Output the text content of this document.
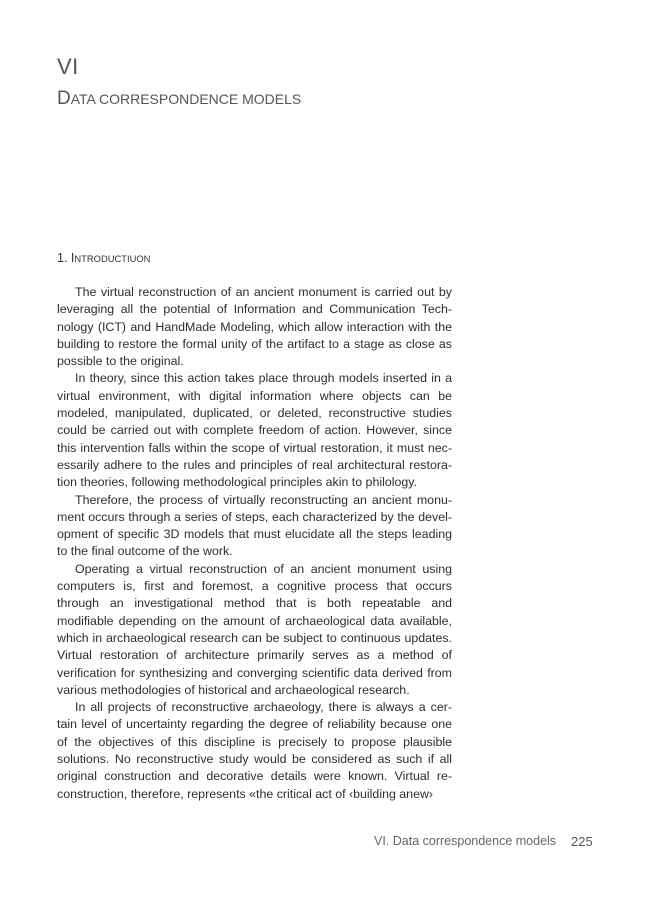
VI
DATA CORRESPONDENCE MODELS
1. INTRODUCTIUON

The virtual reconstruction of an ancient monument is carried out by leveraging all the potential of Information and Communication Technology (ICT) and HandMade Modeling, which allow interaction with the building to restore the formal unity of the artifact to a stage as close as possible to the original.

In theory, since this action takes place through models inserted in a virtual environment, with digital information where objects can be modeled, manipulated, duplicated, or deleted, reconstructive studies could be carried out with complete freedom of action. However, since this intervention falls within the scope of virtual restoration, it must necessarily adhere to the rules and principles of real architectural restoration theories, following methodological principles akin to philology.

Therefore, the process of virtually reconstructing an ancient monument occurs through a series of steps, each characterized by the development of specific 3D models that must elucidate all the steps leading to the final outcome of the work.

Operating a virtual reconstruction of an ancient monument using computers is, first and foremost, a cognitive process that occurs through an investigational method that is both repeatable and modifiable depending on the amount of archaeological data available, which in archaeological research can be subject to continuous updates. Virtual restoration of architecture primarily serves as a method of verification for synthesizing and converging scientific data derived from various methodologies of historical and archaeological research.

In all projects of reconstructive archaeology, there is always a certain level of uncertainty regarding the degree of reliability because one of the objectives of this discipline is precisely to propose plausible solutions. No reconstructive study would be considered as such if all original construction and decorative details were known. Virtual reconstruction, therefore, represents «the critical act of ‹building anew›

VI. Data correspondence models 225
